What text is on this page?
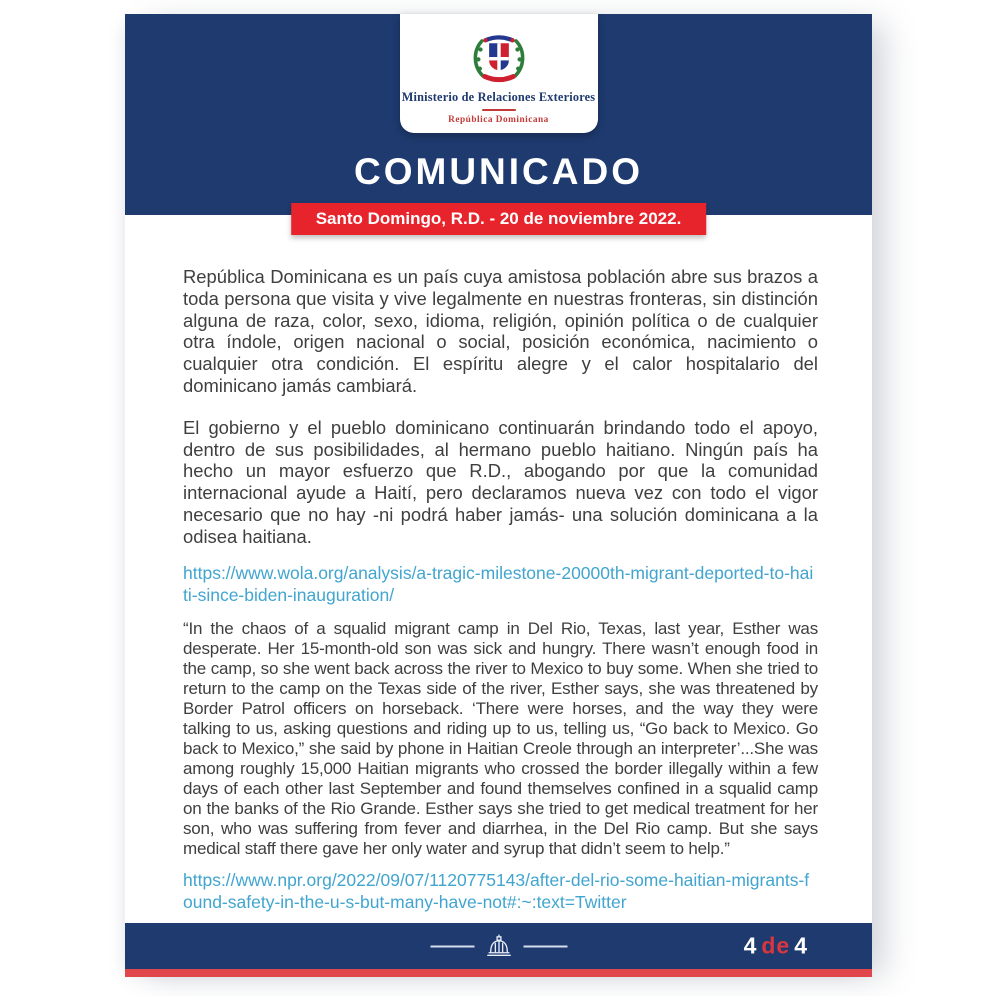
COMUNICADO
Ministerio de Relaciones Exteriores
República Dominicana
Santo Domingo, R.D. - 20 de noviembre 2022.

República Dominicana es un país cuya amistosa población abre sus brazos a toda persona que visita y vive legalmente en nuestras fronteras, sin distinción alguna de raza, color, sexo, idioma, religión, opinión política o de cualquier otra índole, origen nacional o social, posición económica, nacimiento o cualquier otra condición. El espíritu alegre y el calor hospitalario del dominicano jamás cambiará.

El gobierno y el pueblo dominicano continuarán brindando todo el apoyo, dentro de sus posibilidades, al hermano pueblo haitiano. Ningún país ha hecho un mayor esfuerzo que R.D., abogando por que la comunidad internacional ayude a Haití, pero declaramos nueva vez con todo el vigor necesario que no hay -ni podrá haber jamás- una solución dominicana a la odisea haitiana.

https://www.wola.org/analysis/a-tragic-milestone-20000th-migrant-deported-to-haiti-since-biden-inauguration/

“In the chaos of a squalid migrant camp in Del Rio, Texas, last year, Esther was desperate. Her 15-month-old son was sick and hungry. There wasn’t enough food in the camp, so she went back across the river to Mexico to buy some. When she tried to return to the camp on the Texas side of the river, Esther says, she was threatened by Border Patrol officers on horseback. ‘There were horses, and the way they were talking to us, asking questions and riding up to us, telling us, “Go back to Mexico. Go back to Mexico,” she said by phone in Haitian Creole through an interpreter’...She was among roughly 15,000 Haitian migrants who crossed the border illegally within a few days of each other last September and found themselves confined in a squalid camp on the banks of the Rio Grande. Esther says she tried to get medical treatment for her son, who was suffering from fever and diarrhea, in the Del Rio camp. But she says medical staff there gave her only water and syrup that didn’t seem to help.”

https://www.npr.org/2022/09/07/1120775143/after-del-rio-some-haitian-migrants-found-safety-in-the-u-s-but-many-have-not#:~:text=Twitter
4 de 4
